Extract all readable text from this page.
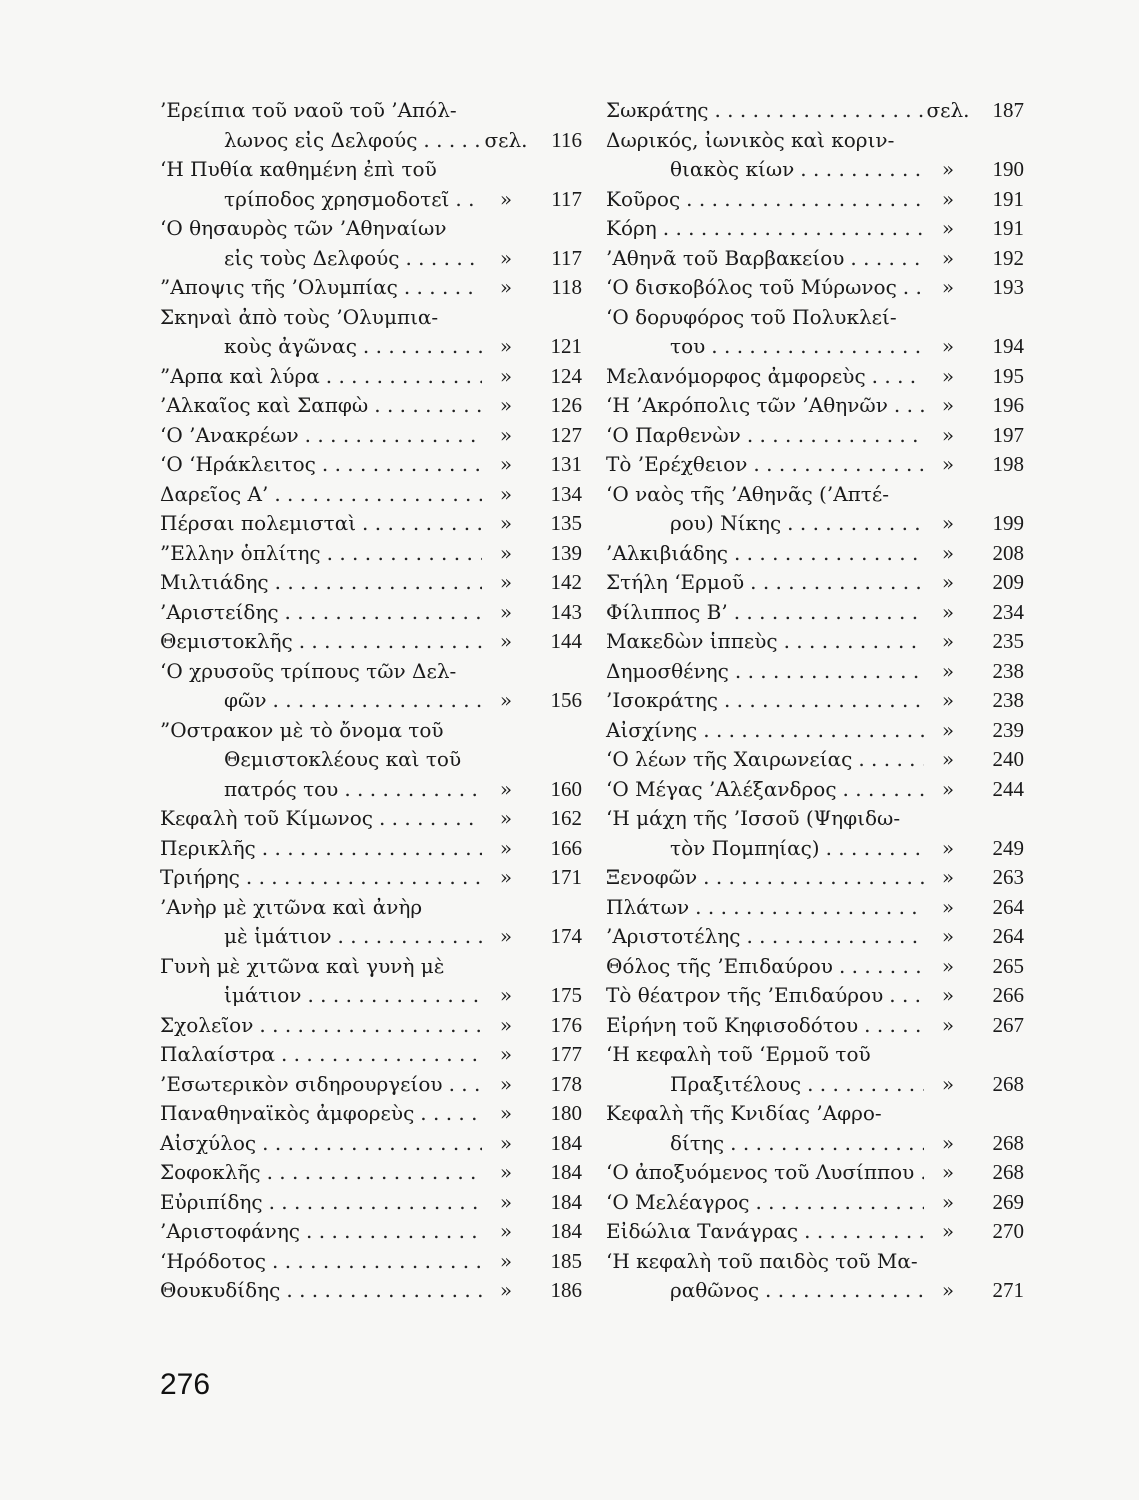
’Ερείπια τοῦ ναοῦ τοῦ ’Απόλ-
λωνος εἰς Δελφούς . . .	σελ.	116
‘Η Πυθία καθημένη ἐπὶ τοῦ
τρίποδος χρησμοδοτεῖ . . .	»	117
‘Ο θησαυρὸς τῶν ’Αθηναίων
εἰς τοὺς Δελφούς . . .	»	117
”Αποψις τῆς ’Ολυμπίας . . .	»	118
Σκηναὶ ἀπὸ τοὺς ’Ολυμπια-
κοὺς ἀγῶνας . . .	»	121
”Αρπα καὶ λύρα . . .	»	124
’Αλκαῖος καὶ Σαπφὼ . . .	»	126
‘Ο ’Ανακρέων . . .	»	127
‘Ο ‘Ηράκλειτος . . .	»	131
Δαρεῖος Α’ . . .	»	134
Πέρσαι πολεμισταὶ . . .	»	135
”Ελλην ὁπλίτης . . .	»	139
Μιλτιάδης . . .	»	142
’Αριστείδης . . .	»	143
Θεμιστοκλῆς . . .	»	144
‘Ο χρυσοῦς τρίπους τῶν Δελ-
φῶν . . .	»	156
”Οστρακον μὲ τὸ ὄνομα τοῦ
Θεμιστοκλέους καὶ τοῦ
πατρός του . . .	»	160
Κεφαλὴ τοῦ Κίμωνος . . .	»	162
Περικλῆς . . .	»	166
Τριήρης . . .	»	171
’Ανὴρ μὲ χιτῶνα καὶ ἀνὴρ
μὲ ἱμάτιον . . .	»	174
Γυνὴ μὲ χιτῶνα καὶ γυνὴ μὲ
ἱμάτιον . . .	»	175
Σχολεῖον . . .	»	176
Παλαίστρα . . .	»	177
’Εσωτερικὸν σιδηρουργείου . . .	»	178
Παναθηναϊκὸς ἀμφορεὺς . . .	»	180
Αἰσχύλος . . .	»	184
Σοφοκλῆς . . .	»	184
Εὐριπίδης . . .	»	184
’Αριστοφάνης . . .	»	184
‘Ηρόδοτος . . .	»	185
Θουκυδίδης . . .	»	186
Σωκράτης . . .	σελ.	187
Δωρικός, ἰωνικὸς καὶ κοριν-
θιακὸς κίων . . .	»	190
Κοῦρος . . .	»	191
Κόρη . . .	»	191
’Αθηνᾶ τοῦ Βαρβακείου . . .	»	192
‘Ο δισκοβόλος τοῦ Μύρωνος . . .	»	193
‘Ο δορυφόρος τοῦ Πολυκλεί-
του . . .	»	194
Μελανόμορφος ἀμφορεὺς . . .	»	195
‘Η ’Ακρόπολις τῶν ’Αθηνῶν . . .	»	196
‘Ο Παρθενὼν . . .	»	197
Τὸ ’Ερέχθειον . . .	»	198
‘Ο ναὸς τῆς ’Αθηνᾶς (’Απτέ-
ρου) Νίκης . . .	»	199
’Αλκιβιάδης . . .	»	208
Στήλη ‘Ερμοῦ . . .	»	209
Φίλιππος Β’ . . .	»	234
Μακεδὼν ἱππεὺς . . .	»	235
Δημοσθένης . . .	»	238
’Ισοκράτης . . .	»	238
Αἰσχίνης . . .	»	239
‘Ο λέων τῆς Χαιρωνείας . . .	»	240
‘Ο Μέγας ’Αλέξανδρος . . .	»	244
‘Η μάχη τῆς ’Ισσοῦ (Ψηφιδω-
τὸν Πομπηίας) . . .	»	249
Ξενοφῶν . . .	»	263
Πλάτων . . .	»	264
’Αριστοτέλης . . .	»	264
Θόλος τῆς ’Επιδαύρου . . .	»	265
Τὸ θέατρον τῆς ’Επιδαύρου . . .	»	266
Εἰρήνη τοῦ Κηφισοδότου . . .	»	267
‘Η κεφαλὴ τοῦ ‘Ερμοῦ τοῦ
Πραξιτέλους . . .	»	268
Κεφαλὴ τῆς Κνιδίας ’Αφρο-
δίτης . . .	»	268
‘Ο ἀποξυόμενος τοῦ Λυσίππου . . .	»	268
‘Ο Μελέαγρος . . .	»	269
Εἰδώλια Τανάγρας . . .	»	270
‘Η κεφαλὴ τοῦ παιδὸς τοῦ Μα-
ραθῶνος . . .	»	271
276
